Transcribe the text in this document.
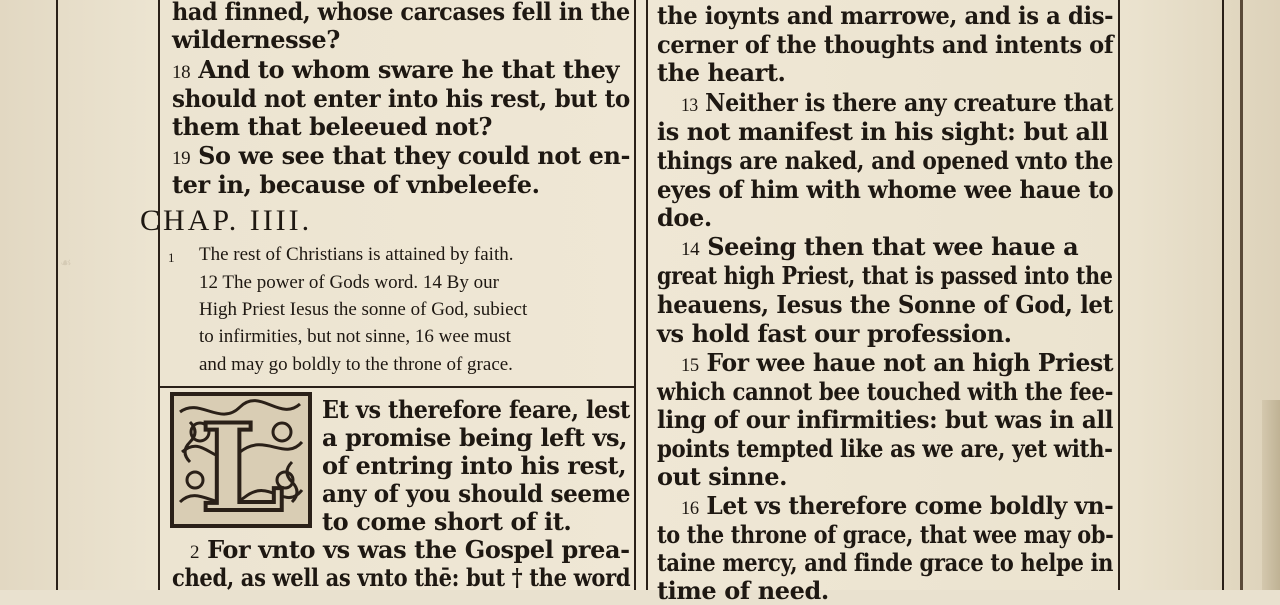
☙
had finned, whose carcases fell in the
wildernesse?
18 And to whom sware he that they
should not enter into his rest, but to
them that beleeued not?
19 So we see that they could not en-
ter in, because of vnbeleefe.
CHAP. IIII.
1 The rest of Christians is attained by faith.
12 The power of Gods word. 14 By our
High Priest Iesus the sonne of God, subiect
to infirmities, but not sinne, 16 wee must
and may go boldly to the throne of grace.
L Et vs therefore feare, lest
a promise being left vs,
of entring into his rest,
any of you should seeme
to come short of it.
2 For vnto vs was the Gospel prea-
ched, as well as vnto thē: but † the word
the ioynts and marrowe, and is a dis-
cerner of the thoughts and intents of
the heart.
13 Neither is there any creature that
is not manifest in his sight: but all
things are naked, and opened vnto the
eyes of him with whome wee haue to
doe.
14 Seeing then that wee haue a
great high Priest, that is passed into the
heauens, Iesus the Sonne of God, let
vs hold fast our profession.
15 For wee haue not an high Priest
which cannot bee touched with the fee-
ling of our infirmities: but was in all
points tempted like as we are, yet with-
out sinne.
16 Let vs therefore come boldly vn-
to the throne of grace, that wee may ob-
taine mercy, and finde grace to helpe in
time of need.
